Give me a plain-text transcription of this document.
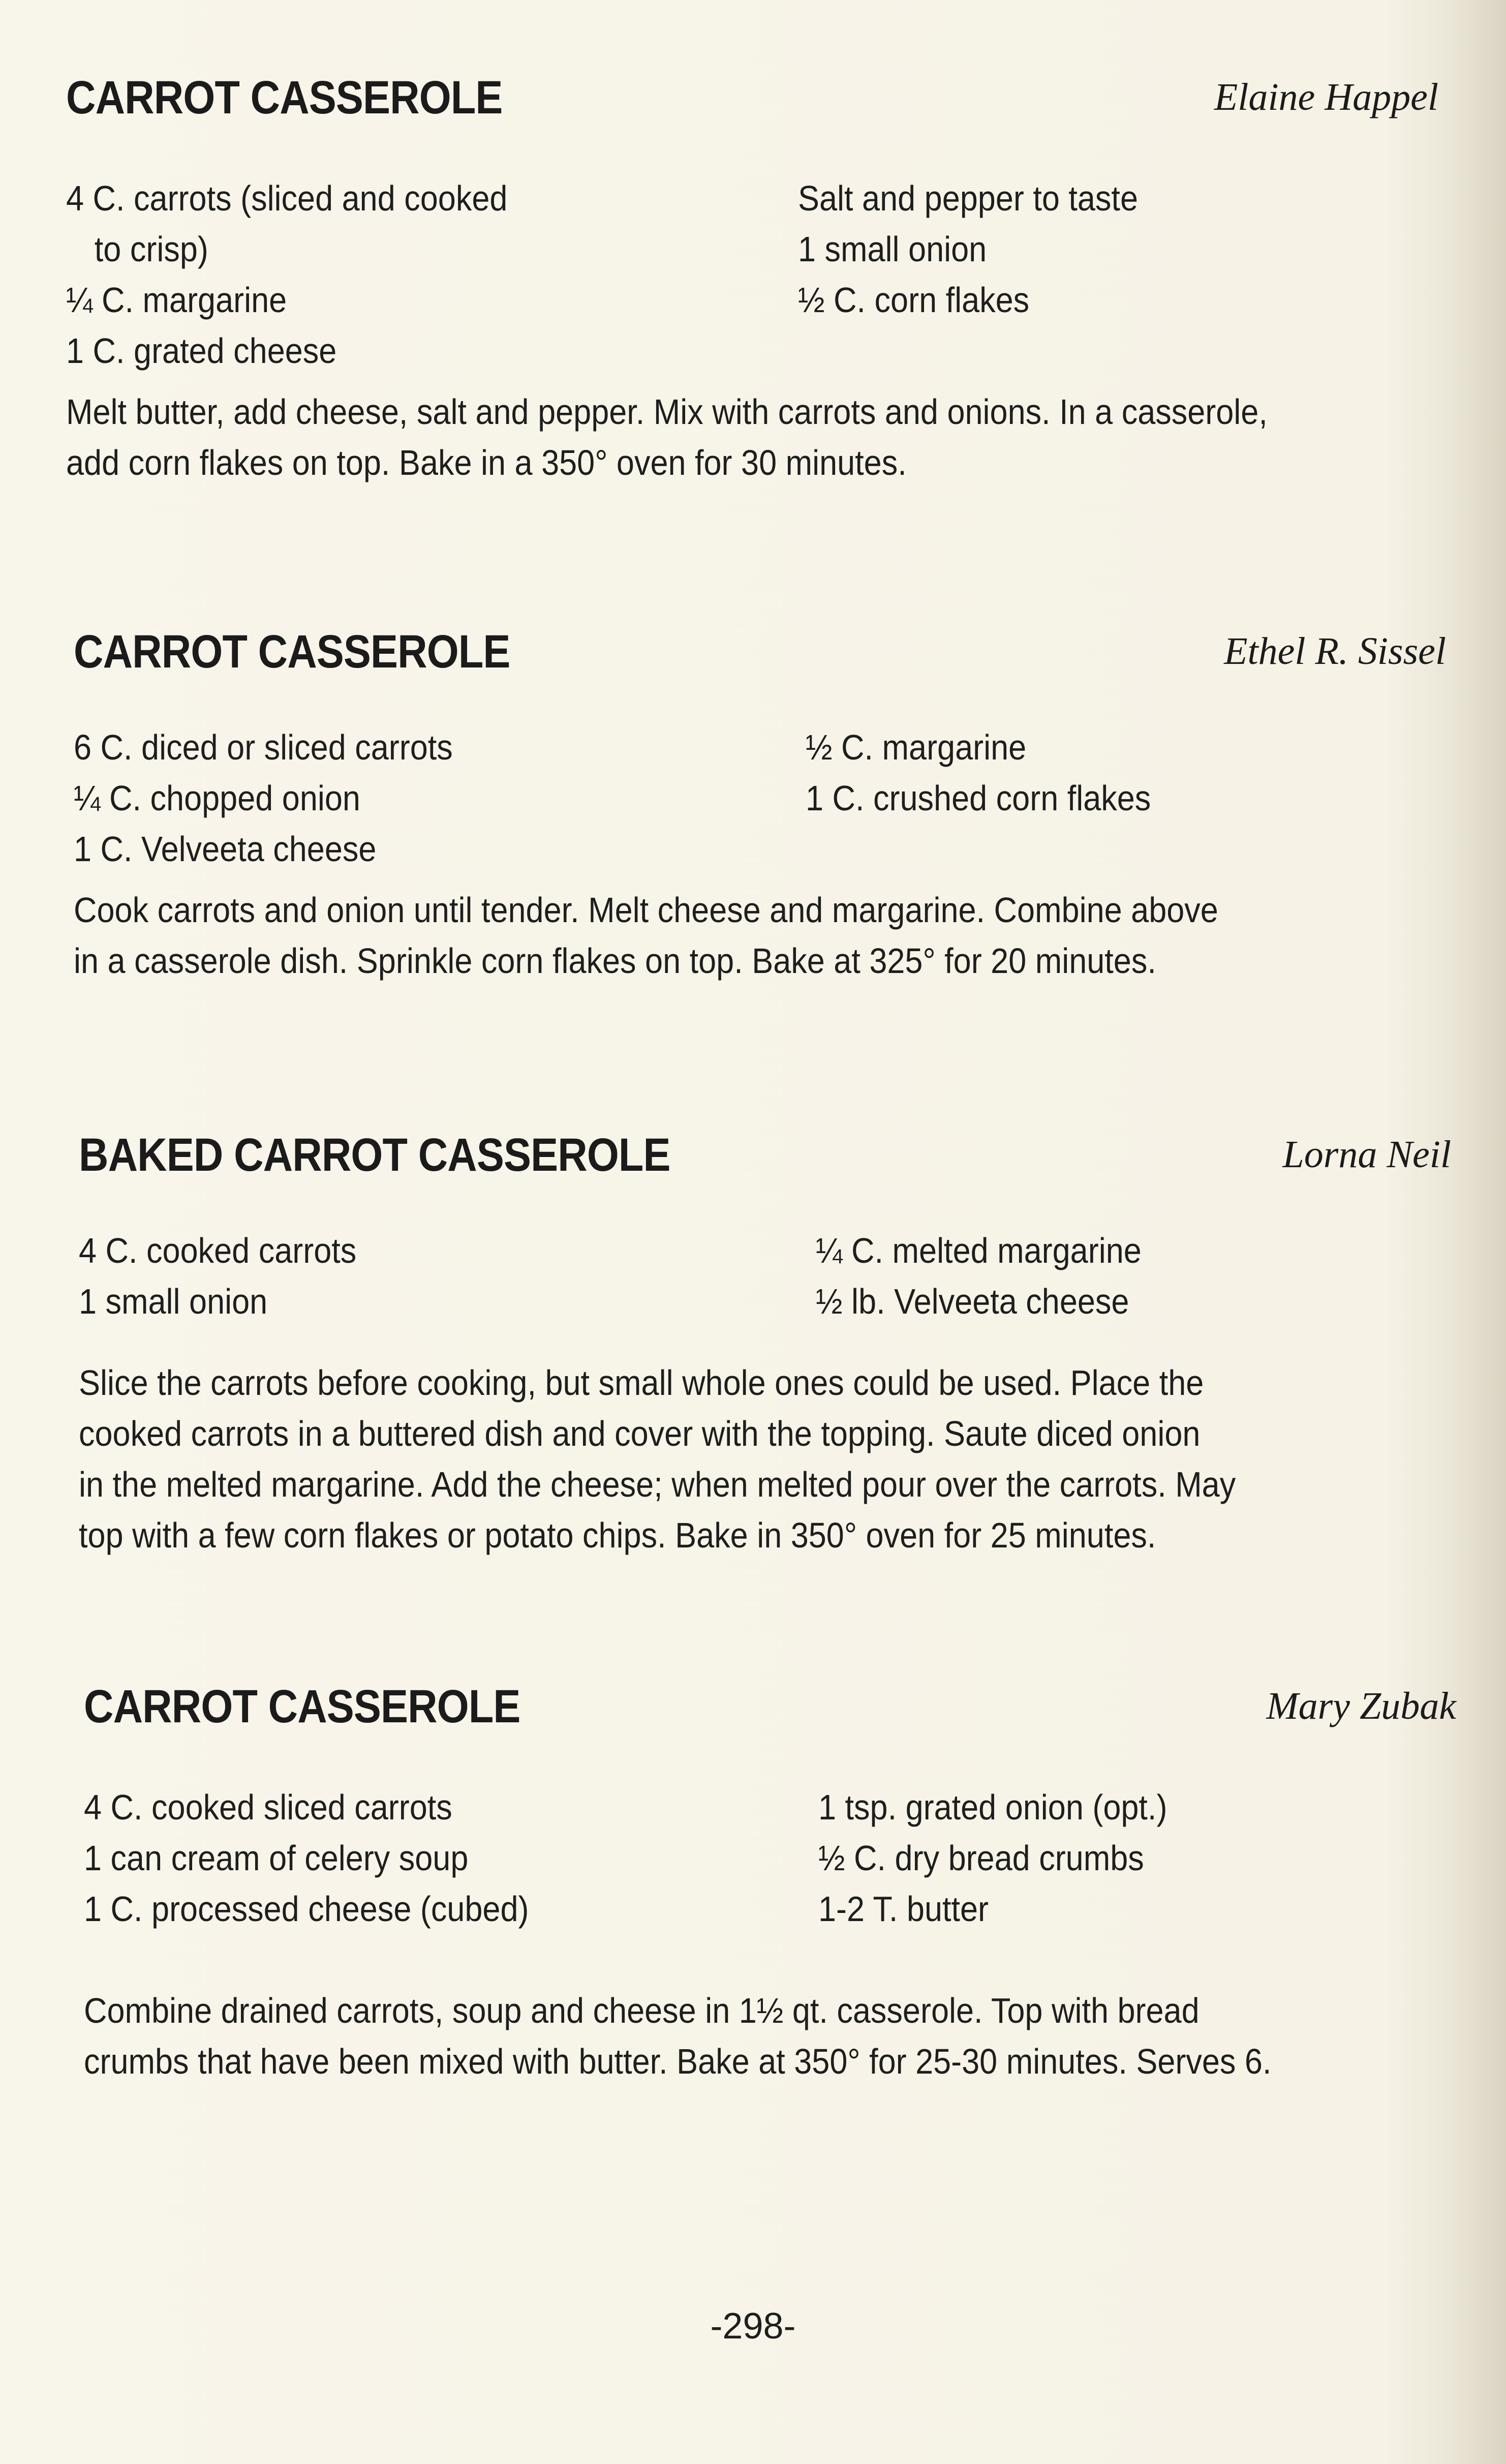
CARROT CASSEROLE	Elaine Happel
4 C. carrots (sliced and cooked
to crisp)
¼ C. margarine
1 C. grated cheese
Salt and pepper to taste
1 small onion
½ C. corn flakes
Melt butter, add cheese, salt and pepper. Mix with carrots and onions. In a casserole,
add corn flakes on top. Bake in a 350° oven for 30 minutes.
CARROT CASSEROLE	Ethel R. Sissel
6 C. diced or sliced carrots
¼ C. chopped onion
1 C. Velveeta cheese
½ C. margarine
1 C. crushed corn flakes
Cook carrots and onion until tender. Melt cheese and margarine. Combine above
in a casserole dish. Sprinkle corn flakes on top. Bake at 325° for 20 minutes.
BAKED CARROT CASSEROLE	Lorna Neil
4 C. cooked carrots
1 small onion
¼ C. melted margarine
½ lb. Velveeta cheese
Slice the carrots before cooking, but small whole ones could be used. Place the
cooked carrots in a buttered dish and cover with the topping. Saute diced onion
in the melted margarine. Add the cheese; when melted pour over the carrots. May
top with a few corn flakes or potato chips. Bake in 350° oven for 25 minutes.
CARROT CASSEROLE	Mary Zubak
4 C. cooked sliced carrots
1 can cream of celery soup
1 C. processed cheese (cubed)
1 tsp. grated onion (opt.)
½ C. dry bread crumbs
1-2 T. butter
Combine drained carrots, soup and cheese in 1½ qt. casserole. Top with bread
crumbs that have been mixed with butter. Bake at 350° for 25-30 minutes. Serves 6.
-298-
